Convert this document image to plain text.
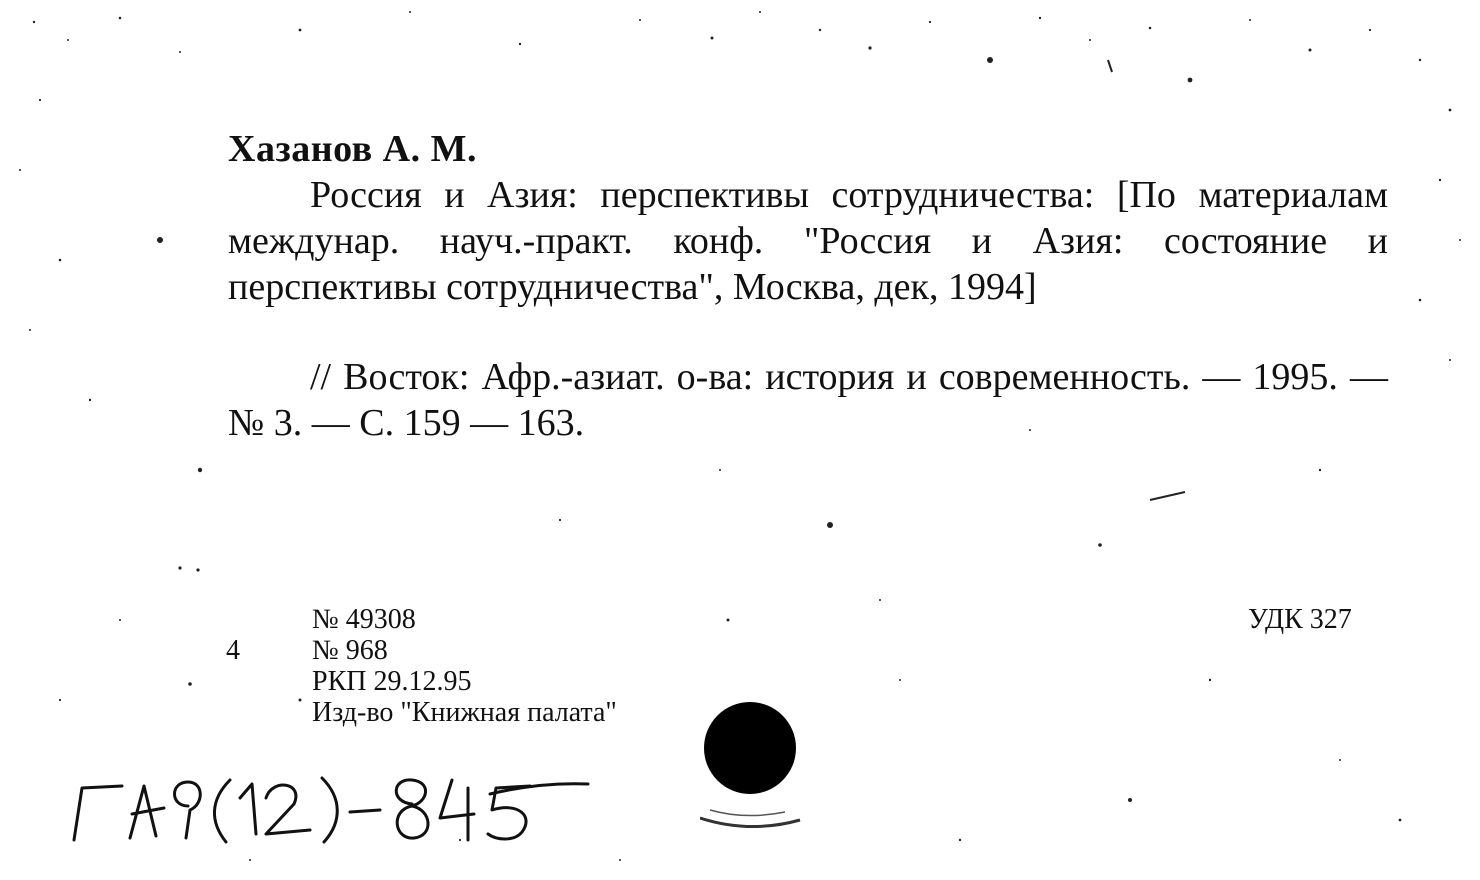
Хазанов А. М.
Россия и Азия: перспективы сотрудничества: [По материалам междунар. науч.-практ. конф. "Россия и Азия: состояние и перспективы сотрудничества", Москва, дек, 1994]
// Восток: Афр.-азиат. о-ва: история и современность. — 1995. — № 3. — С. 159 — 163.
4
№ 49308
№ 968
РКП 29.12.95
Изд-во "Книжная палата"
УДК 327
